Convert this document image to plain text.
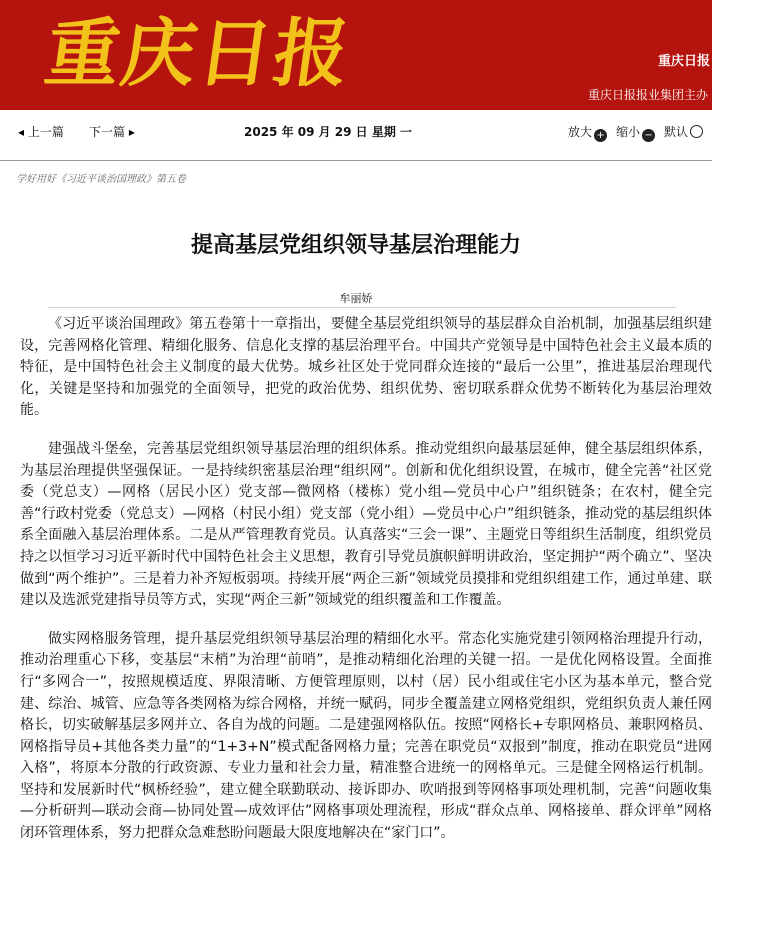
重庆日报	重庆日报
重庆日报报业集团主办
◂ 上一篇 下一篇 ▸	2025 年 09 月 29 日 星期 一	放大 + 缩小 − 默认
学好用好《习近平谈治国理政》第五卷
提高基层党组织领导基层治理能力
牟丽娇

《习近平谈治国理政》第五卷第十一章指出，要健全基层党组织领导的基层群众自治机制，加强基层组织建设，完善网格化管理、精细化服务、信息化支撑的基层治理平台。中国共产党领导是中国特色社会主义最本质的特征，是中国特色社会主义制度的最大优势。城乡社区处于党同群众连接的“最后一公里”，推进基层治理现代化，关键是坚持和加强党的全面领导，把党的政治优势、组织优势、密切联系群众优势不断转化为基层治理效能。

建强战斗堡垒，完善基层党组织领导基层治理的组织体系。推动党组织向最基层延伸，健全基层组织体系，为基层治理提供坚强保证。一是持续织密基层治理“组织网”。创新和优化组织设置，在城市，健全完善“社区党委（党总支）—网格（居民小区）党支部—微网格（楼栋）党小组—党员中心户”组织链条；在农村，健全完善“行政村党委（党总支）—网格（村民小组）党支部（党小组）—党员中心户”组织链条，推动党的基层组织体系全面融入基层治理体系。二是从严管理教育党员。认真落实“三会一课”、主题党日等组织生活制度，组织党员持之以恒学习习近平新时代中国特色社会主义思想，教育引导党员旗帜鲜明讲政治，坚定拥护“两个确立”、坚决做到“两个维护”。三是着力补齐短板弱项。持续开展“两企三新”领域党员摸排和党组织组建工作，通过单建、联建以及选派党建指导员等方式，实现“两企三新”领域党的组织覆盖和工作覆盖。

做实网格服务管理，提升基层党组织领导基层治理的精细化水平。常态化实施党建引领网格治理提升行动，推动治理重心下移，变基层“末梢”为治理“前哨”，是推动精细化治理的关键一招。一是优化网格设置。全面推行“多网合一”，按照规模适度、界限清晰、方便管理原则，以村（居）民小组或住宅小区为基本单元，整合党建、综治、城管、应急等各类网格为综合网格，并统一赋码，同步全覆盖建立网格党组织，党组织负责人兼任网格长，切实破解基层多网并立、各自为战的问题。二是建强网格队伍。按照“网格长+专职网格员、兼职网格员、网格指导员+其他各类力量”的“1+3+N”模式配备网格力量；完善在职党员“双报到”制度，推动在职党员“进网入格”，将原本分散的行政资源、专业力量和社会力量，精准整合进统一的网格单元。三是健全网格运行机制。坚持和发展新时代“枫桥经验”，建立健全联勤联动、接诉即办、吹哨报到等网格事项处理机制，完善“问题收集—分析研判—联动会商—协同处置—成效评估”网格事项处理流程，形成“群众点单、网格接单、群众评单”网格闭环管理体系，努力把群众急难愁盼问题最大限度地解决在“家门口”。
